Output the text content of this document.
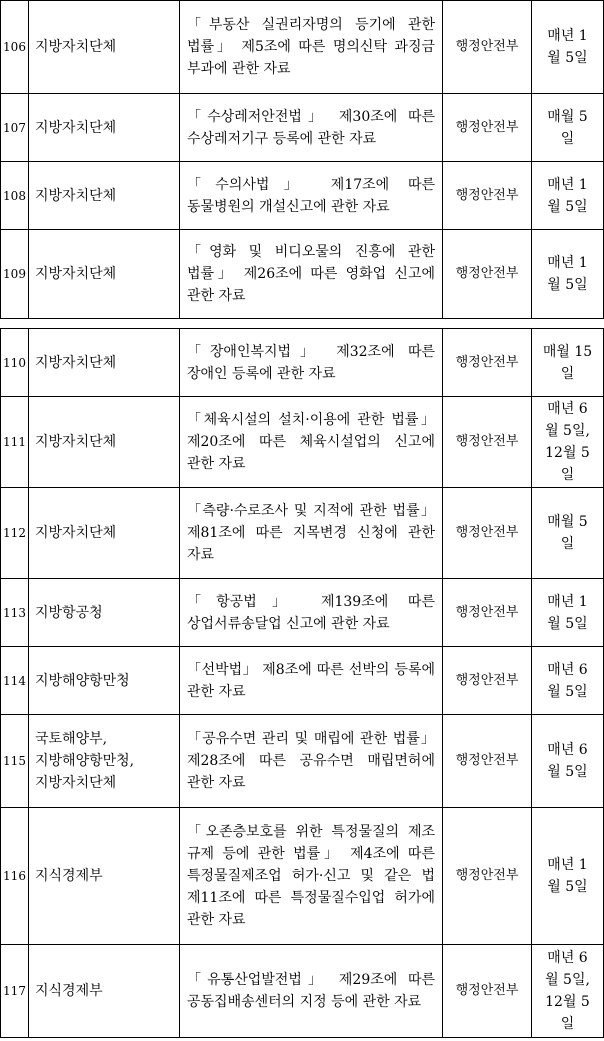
106	지방자치단체	「부동산 실권리자명의 등기에 관한 법률」 제5조에 따른 명의신탁 과징금 부과에 관한 자료	행정안전부	매년 1
월 5일

107	지방자치단체	「수상레저안전법」 제30조에 따른 수상레저기구 등록에 관한 자료	행정안전부	매월 5
일

108	지방자치단체	「수의사법」 제17조에 따른 동물병원의 개설신고에 관한 자료	행정안전부	매년 1
월 5일

109	지방자치단체	「영화 및 비디오물의 진흥에 관한 법률」 제26조에 따른 영화업 신고에 관한 자료	행정안전부	매년 1
월 5일
110	지방자치단체	「장애인복지법」 제32조에 따른 장애인 등록에 관한 자료	행정안전부	매월 15
일

111	지방자치단체	「체육시설의 설치·이용에 관한 법률」 제20조에 따른 체육시설업의 신고에 관한 자료	행정안전부	매년 6
월 5일,
12월 5일

112	지방자치단체	「측량·수로조사 및 지적에 관한 법률」 제81조에 따른 지목변경 신청에 관한 자료	행정안전부	매월 5
일

113	지방항공청	「항공법」 제139조에 따른 상업서류송달업 신고에 관한 자료	행정안전부	매년 1
월 5일

114	지방해양항만청	「선박법」 제8조에 따른 선박의 등록에 관한 자료	행정안전부	매년 6
월 5일

115	국토해양부,
지방해양항만청,
지방자치단체	「공유수면 관리 및 매립에 관한 법률」 제28조에 따른 공유수면 매립면허에 관한 자료	행정안전부	매년 6
월 5일

116	지식경제부	「오존층보호를 위한 특정물질의 제조 규제 등에 관한 법률」 제4조에 따른 특정물질제조업 허가·신고 및 같은 법 제11조에 따른 특정물질수입업 허가에 관한 자료	행정안전부	매년 1
월 5일

117	지식경제부	「유통산업발전법」 제29조에 따른 공동집배송센터의 지정 등에 관한 자료	행정안전부	매년 6
월 5일,
12월 5일
